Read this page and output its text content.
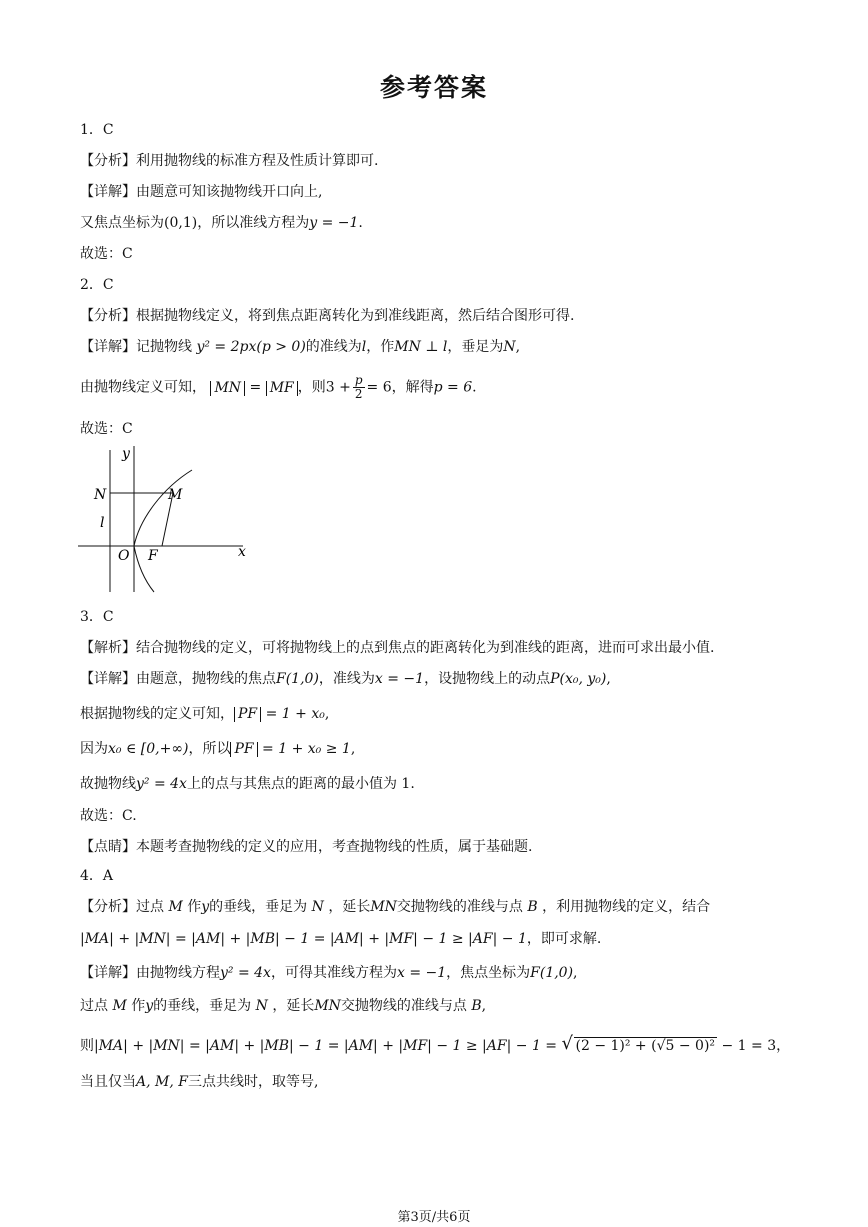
参考答案
1．C
【分析】利用抛物线的标准方程及性质计算即可.
【详解】由题意可知该抛物线开口向上,
又焦点坐标为(0,1)，所以准线方程为y = −1.
故选：C
2．C
【分析】根据抛物线定义，将到焦点距离转化为到准线距离，然后结合图形可得.
【详解】记抛物线 y² = 2px(p > 0)的准线为l，作MN ⊥ l，垂足为N,
由抛物线定义可知， MN = MF ，则$3 + \frac{p}{2} = 6$，解得p = 6.
故选：C
y
x
N	M
l
O F
3．C
【解析】结合抛物线的定义，可将抛物线上的点到焦点的距离转化为到准线的距离，进而可求出最小值.
【详解】由题意，抛物线的焦点F(1,0)，准线为x = −1，设抛物线上的动点P(x₀, y₀),
根据抛物线的定义可知， PF = 1 + x₀,
因为x₀ ∈ [0,+∞)，所以 PF = 1 + x₀ ≥ 1,
故抛物线y² = 4x上的点与其焦点的距离的最小值为 1.
故选：C.
【点睛】本题考查抛物线的定义的应用，考查抛物线的性质，属于基础题.
4．A
【分析】过点 M 作y的垂线，垂足为 N ，延长MN交抛物线的准线与点 B ，利用抛物线的定义，结合
|MA| + |MN| = |AM| + |MB| − 1 = |AM| + |MF| − 1 ≥ |AF| − 1，即可求解.
【详解】由抛物线方程y² = 4x，可得其准线方程为x = −1，焦点坐标为F(1,0),
过点 M 作y的垂线，垂足为 N ，延长MN交抛物线的准线与点 B,
则|MA| + |MN| = |AM| + |MB| − 1 = |AM| + |MF| − 1 ≥ |AF| − 1 = √ (2 − 1)² + (√5 − 0)² − 1 = 3，
当且仅当A, M, F三点共线时，取等号,
第3页/共6页
